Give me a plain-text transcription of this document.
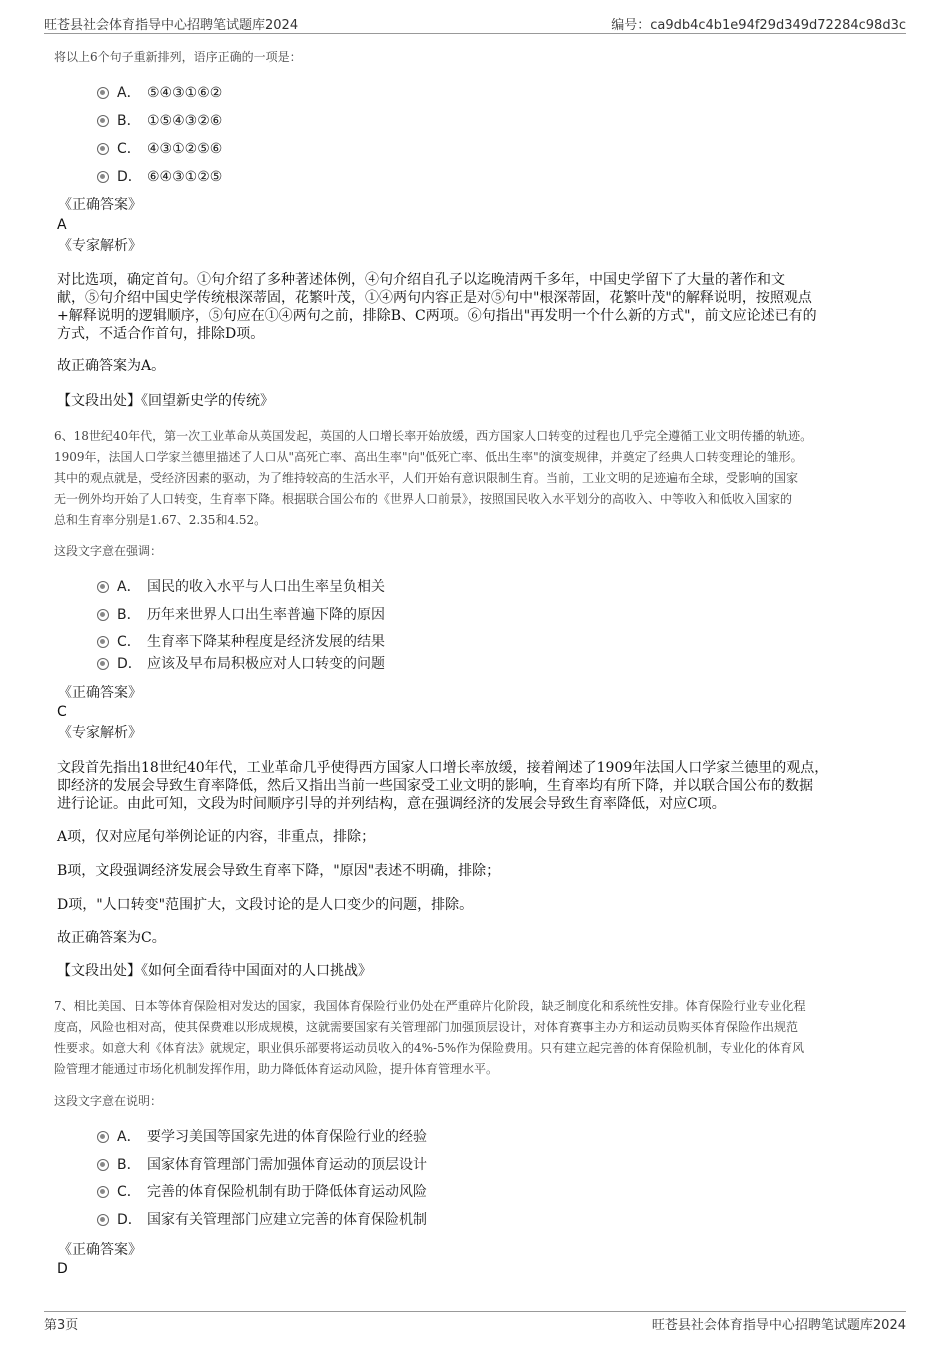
旺苍县社会体育指导中心招聘笔试题库2024	编号：ca9db4c4b1e94f29d349d72284c98d3c
将以上6个句子重新排列，语序正确的一项是：
A． ⑤④③①⑥②
B． ①⑤④③②⑥
C． ④③①②⑤⑥
D． ⑥④③①②⑤
《正确答案》
A
《专家解析》
对比选项，确定首句。①句介绍了多种著述体例，④句介绍自孔子以迄晚清两千多年，中国史学留下了大量的著作和文
献，⑤句介绍中国史学传统根深蒂固，花繁叶茂，①④两句内容正是对⑤句中"根深蒂固，花繁叶茂"的解释说明，按照观点
+解释说明的逻辑顺序，⑤句应在①④两句之前，排除B、C两项。⑥句指出"再发明一个什么新的方式"，前文应论述已有的
方式，不适合作首句，排除D项。
故正确答案为A。
【文段出处】《回望新史学的传统》
6、18世纪40年代，第一次工业革命从英国发起，英国的人口增长率开始放缓，西方国家人口转变的过程也几乎完全遵循工业文明传播的轨迹。
1909年，法国人口学家兰德里描述了人口从"高死亡率、高出生率"向"低死亡率、低出生率"的演变规律，并奠定了经典人口转变理论的雏形。
其中的观点就是，受经济因素的驱动，为了维持较高的生活水平，人们开始有意识限制生育。当前，工业文明的足迹遍布全球，受影响的国家
无一例外均开始了人口转变，生育率下降。根据联合国公布的《世界人口前景》，按照国民收入水平划分的高收入、中等收入和低收入国家的
总和生育率分别是1.67、2.35和4.52。
这段文字意在强调：
A． 国民的收入水平与人口出生率呈负相关
B． 历年来世界人口出生率普遍下降的原因
C． 生育率下降某种程度是经济发展的结果
D． 应该及早布局积极应对人口转变的问题
《正确答案》
C
《专家解析》
文段首先指出18世纪40年代，工业革命几乎使得西方国家人口增长率放缓，接着阐述了1909年法国人口学家兰德里的观点，
即经济的发展会导致生育率降低，然后又指出当前一些国家受工业文明的影响，生育率均有所下降，并以联合国公布的数据
进行论证。由此可知，文段为时间顺序引导的并列结构，意在强调经济的发展会导致生育率降低，对应C项。
A项，仅对应尾句举例论证的内容，非重点，排除；
B项，文段强调经济发展会导致生育率下降，"原因"表述不明确，排除；
D项，"人口转变"范围扩大，文段讨论的是人口变少的问题，排除。
故正确答案为C。
【文段出处】《如何全面看待中国面对的人口挑战》
7、相比美国、日本等体育保险相对发达的国家，我国体育保险行业仍处在严重碎片化阶段，缺乏制度化和系统性安排。体育保险行业专业化程
度高，风险也相对高，使其保费难以形成规模，这就需要国家有关管理部门加强顶层设计，对体育赛事主办方和运动员购买体育保险作出规范
性要求。如意大利《体育法》就规定，职业俱乐部要将运动员收入的4%-5%作为保险费用。只有建立起完善的体育保险机制，专业化的体育风
险管理才能通过市场化机制发挥作用，助力降低体育运动风险，提升体育管理水平。
这段文字意在说明：
A． 要学习美国等国家先进的体育保险行业的经验
B． 国家体育管理部门需加强体育运动的顶层设计
C． 完善的体育保险机制有助于降低体育运动风险
D． 国家有关管理部门应建立完善的体育保险机制
《正确答案》
D
第3页	旺苍县社会体育指导中心招聘笔试题库2024
